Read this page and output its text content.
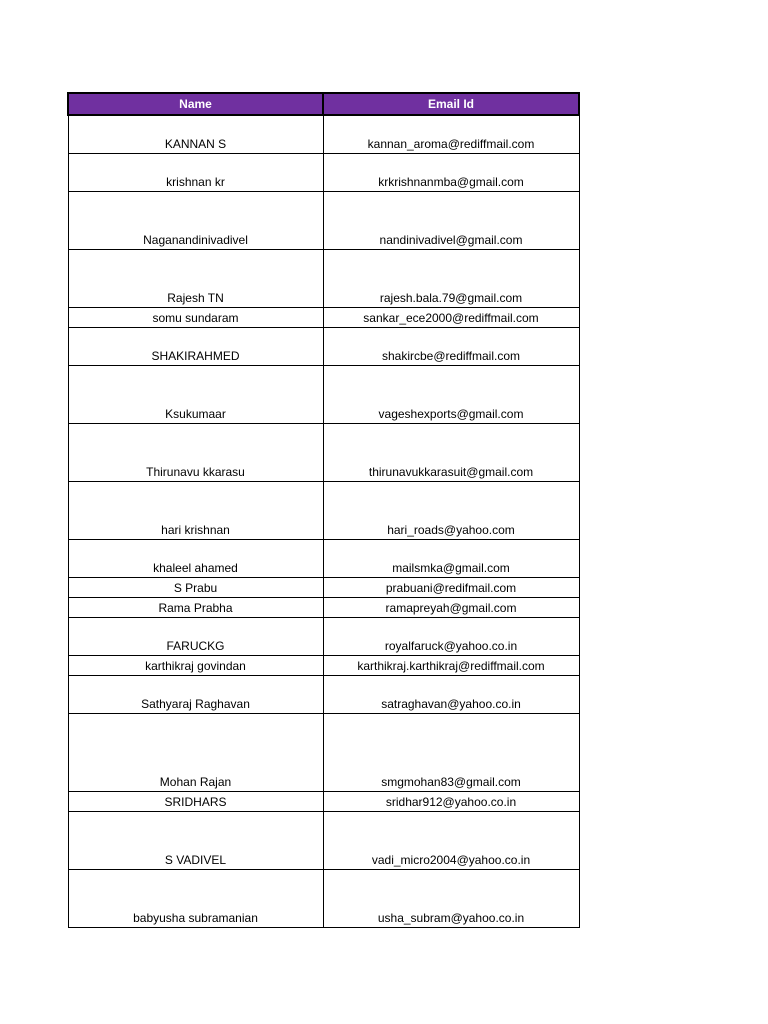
Name	Email Id
KANNAN S	kannan_aroma@rediffmail.com
krishnan kr	krkrishnanmba@gmail.com
Naganandinivadivel	nandinivadivel@gmail.com
Rajesh TN	rajesh.bala.79@gmail.com
somu sundaram	sankar_ece2000@rediffmail.com
SHAKIRAHMED	shakircbe@rediffmail.com
Ksukumaar	vageshexports@gmail.com
Thirunavu kkarasu	thirunavukkarasuit@gmail.com
hari krishnan	hari_roads@yahoo.com
khaleel ahamed	mailsmka@gmail.com
S Prabu	prabuani@redifmail.com
Rama Prabha	ramapreyah@gmail.com
FARUCKG	royalfaruck@yahoo.co.in
karthikraj govindan	karthikraj.karthikraj@rediffmail.com
Sathyaraj Raghavan	satraghavan@yahoo.co.in
Mohan Rajan	smgmohan83@gmail.com
SRIDHARS	sridhar912@yahoo.co.in
S VADIVEL	vadi_micro2004@yahoo.co.in
babyusha subramanian	usha_subram@yahoo.co.in
